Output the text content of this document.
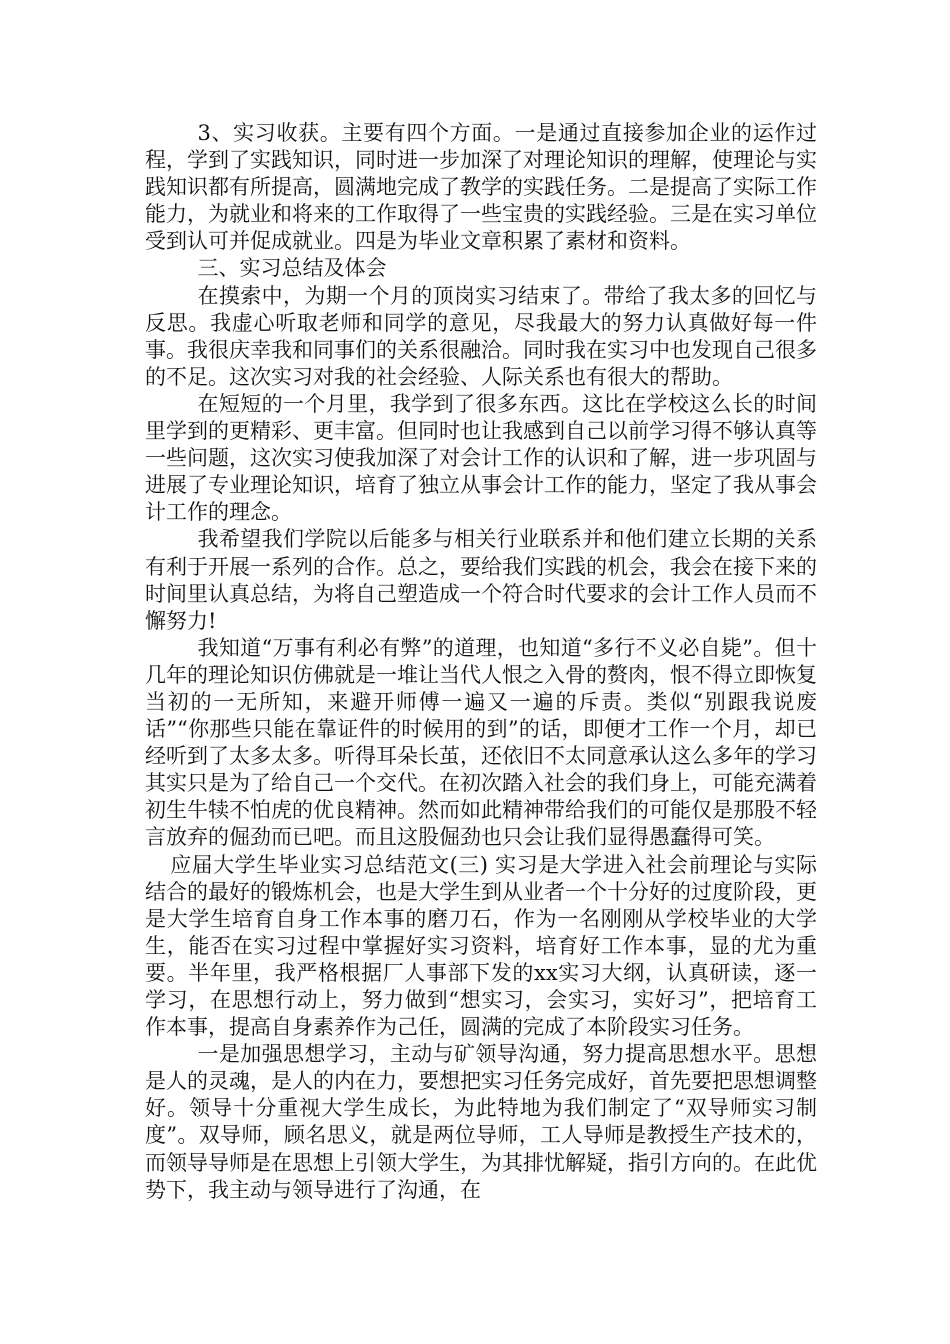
3、实习收获。主要有四个方面。一是通过直接参加企业的运作过程，学到了实践知识，同时进一步加深了对理论知识的理解，使理论与实践知识都有所提高，圆满地完成了教学的实践任务。二是提高了实际工作能力，为就业和将来的工作取得了一些宝贵的实践经验。三是在实习单位受到认可并促成就业。四是为毕业文章积累了素材和资料。

三、实习总结及体会

在摸索中，为期一个月的顶岗实习结束了。带给了我太多的回忆与反思。我虚心听取老师和同学的意见，尽我最大的努力认真做好每一件事。我很庆幸我和同事们的关系很融洽。同时我在实习中也发现自己很多的不足。这次实习对我的社会经验、人际关系也有很大的帮助。

在短短的一个月里，我学到了很多东西。这比在学校这么长的时间里学到的更精彩、更丰富。但同时也让我感到自己以前学习得不够认真等一些问题，这次实习使我加深了对会计工作的认识和了解，进一步巩固与进展了专业理论知识，培育了独立从事会计工作的能力，坚定了我从事会计工作的理念。

我希望我们学院以后能多与相关行业联系并和他们建立长期的关系有利于开展一系列的合作。总之，要给我们实践的机会，我会在接下来的时间里认真总结，为将自己塑造成一个符合时代要求的会计工作人员而不懈努力!

我知道“万事有利必有弊”的道理，也知道“多行不义必自毙”。但十几年的理论知识仿佛就是一堆让当代人恨之入骨的赘肉，恨不得立即恢复当初的一无所知，来避开师傅一遍又一遍的斥责。类似“别跟我说废话”“你那些只能在靠证件的时候用的到”的话，即便才工作一个月，却已经听到了太多太多。听得耳朵长茧，还依旧不太同意承认这么多年的学习其实只是为了给自己一个交代。在初次踏入社会的我们身上，可能充满着初生牛犊不怕虎的优良精神。然而如此精神带给我们的可能仅是那股不轻言放弃的倔劲而已吧。而且这股倔劲也只会让我们显得愚蠢得可笑。

应届大学生毕业实习总结范文(三) 实习是大学进入社会前理论与实际结合的最好的锻炼机会，也是大学生到从业者一个十分好的过度阶段，更是大学生培育自身工作本事的磨刀石，作为一名刚刚从学校毕业的大学生，能否在实习过程中掌握好实习资料，培育好工作本事，显的尤为重要。半年里，我严格根据厂人事部下发的xx实习大纲，认真研读，逐一学习，在思想行动上，努力做到“想实习，会实习，实好习”，把培育工作本事，提高自身素养作为己任，圆满的完成了本阶段实习任务。

一是加强思想学习，主动与矿领导沟通，努力提高思想水平。思想是人的灵魂，是人的内在力，要想把实习任务完成好，首先要把思想调整好。领导十分重视大学生成长，为此特地为我们制定了“双导师实习制度”。双导师，顾名思义，就是两位导师，工人导师是教授生产技术的，而领导导师是在思想上引领大学生，为其排忧解疑，指引方向的。在此优势下，我主动与领导进行了沟通，在
